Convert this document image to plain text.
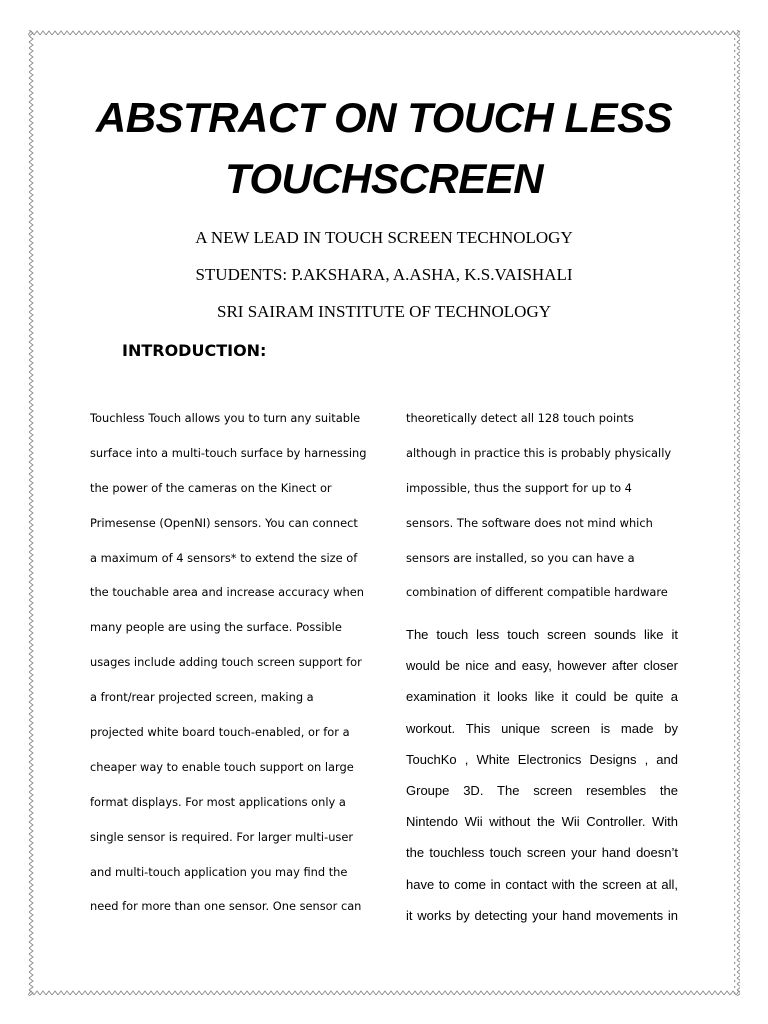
ABSTRACT ON TOUCH LESS
TOUCHSCREEN

A NEW LEAD IN TOUCH SCREEN TECHNOLOGY

STUDENTS: P.AKSHARA, A.ASHA, K.S.VAISHALI

SRI SAIRAM INSTITUTE OF TECHNOLOGY

INTRODUCTION:

Touchless Touch allows you to turn any suitable

surface into a multi-touch surface by harnessing

the power of the cameras on the Kinect or

Primesense (OpenNI) sensors. You can connect

a maximum of 4 sensors* to extend the size of

the touchable area and increase accuracy when

many people are using the surface. Possible

usages include adding touch screen support for

a front/rear projected screen, making a

projected white board touch-enabled, or for a

cheaper way to enable touch support on large

format displays. For most applications only a

single sensor is required. For larger multi-user

and multi-touch application you may find the

need for more than one sensor. One sensor can

theoretically detect all 128 touch points

although in practice this is probably physically

impossible, thus the support for up to 4

sensors. The software does not mind which

sensors are installed, so you can have a

combination of different compatible hardware

The touch less touch screen sounds like it

would be nice and easy, however after closer

examination it looks like it could be quite a

workout. This unique screen is made by

TouchKo , White Electronics Designs , and

Groupe 3D. The screen resembles the

Nintendo Wii without the Wii Controller. With

the touchless touch screen your hand doesn’t

have to come in contact with the screen at all,

it works by detecting your hand movements in
